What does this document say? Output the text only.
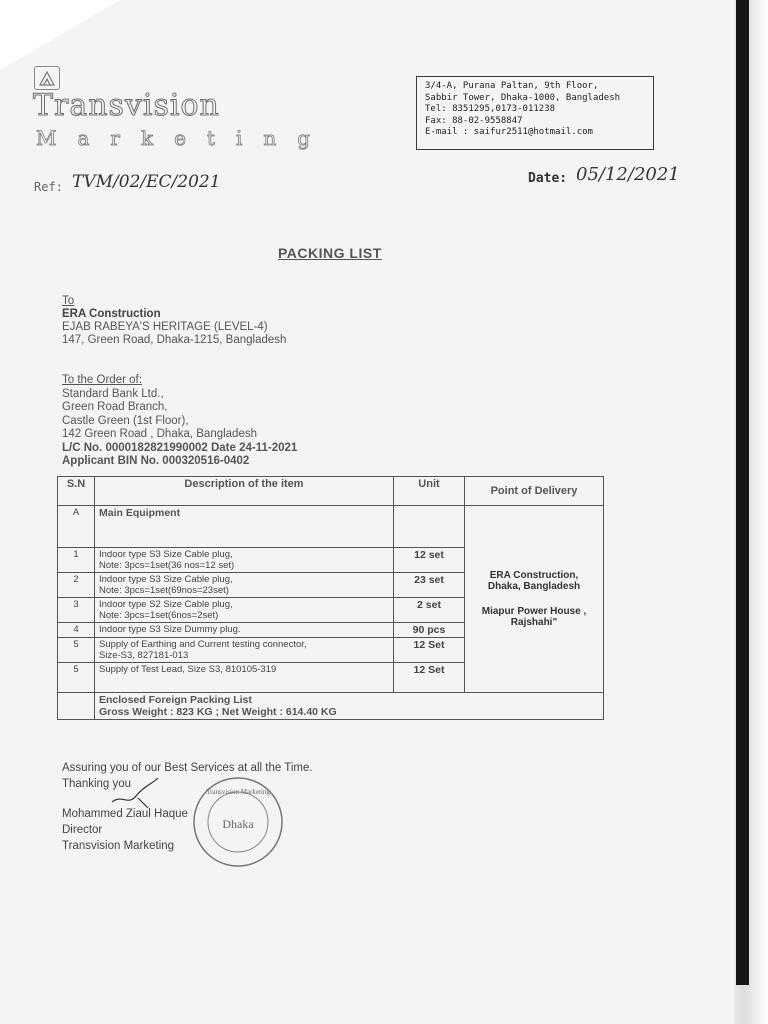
Transvision
Marketing
3/4-A, Purana Paltan, 9th Floor,
Sabbir Tower, Dhaka-1000, Bangladesh
Tel: 8351295,0173-011238
Fax: 88-02-9558847
E-mail : saifur2511@hotmail.com
Ref: TVM/02/EC/2021	Date: 05/12/2021
PACKING LIST
To
ERA Construction
EJAB RABEYA'S HERITAGE (LEVEL-4)
147, Green Road, Dhaka-1215, Bangladesh
To the Order of:
Standard Bank Ltd.,
Green Road Branch,
Castle Green (1st Floor),
142 Green Road , Dhaka, Bangladesh
L/C No. 0000182821990002 Date 24-11-2021
Applicant BIN No. 000320516-0402
S.N	Description of the item	Unit	Point of Delivery
A	Main Equipment		ERA Construction,
Dhaka, Bangladesh
Miapur Power House ,
Rajshahi"

1	Indoor type S3 Size Cable plug,
Note: 3pcs=1set(36 nos=12 set)	12 set	
2	Indoor type S3 Size Cable plug,
Note: 3pcs=1set(69nos=23set)	23 set	
3	Indoor type S2 Size Cable plug,
Note: 3pcs=1set(6nos=2set)	2 set	
4	Indoor type S3 Size Dummy plug.	90 pcs	
5	Supply of Earthing and Current testing connector,
Size-S3, 827181-013	12 Set	
5	Supply of Test Lead, Size S3, 810105-319	12 Set	

	Enclosed Foreign Packing List
Gross Weight : 823 KG ; Net Weight : 614.40 KG		
Assuring you of our Best Services at all the Time.
Thanking you
Mohammed Ziaul Haque
Director
Transvision Marketing
Transvision Marketing
Dhaka
